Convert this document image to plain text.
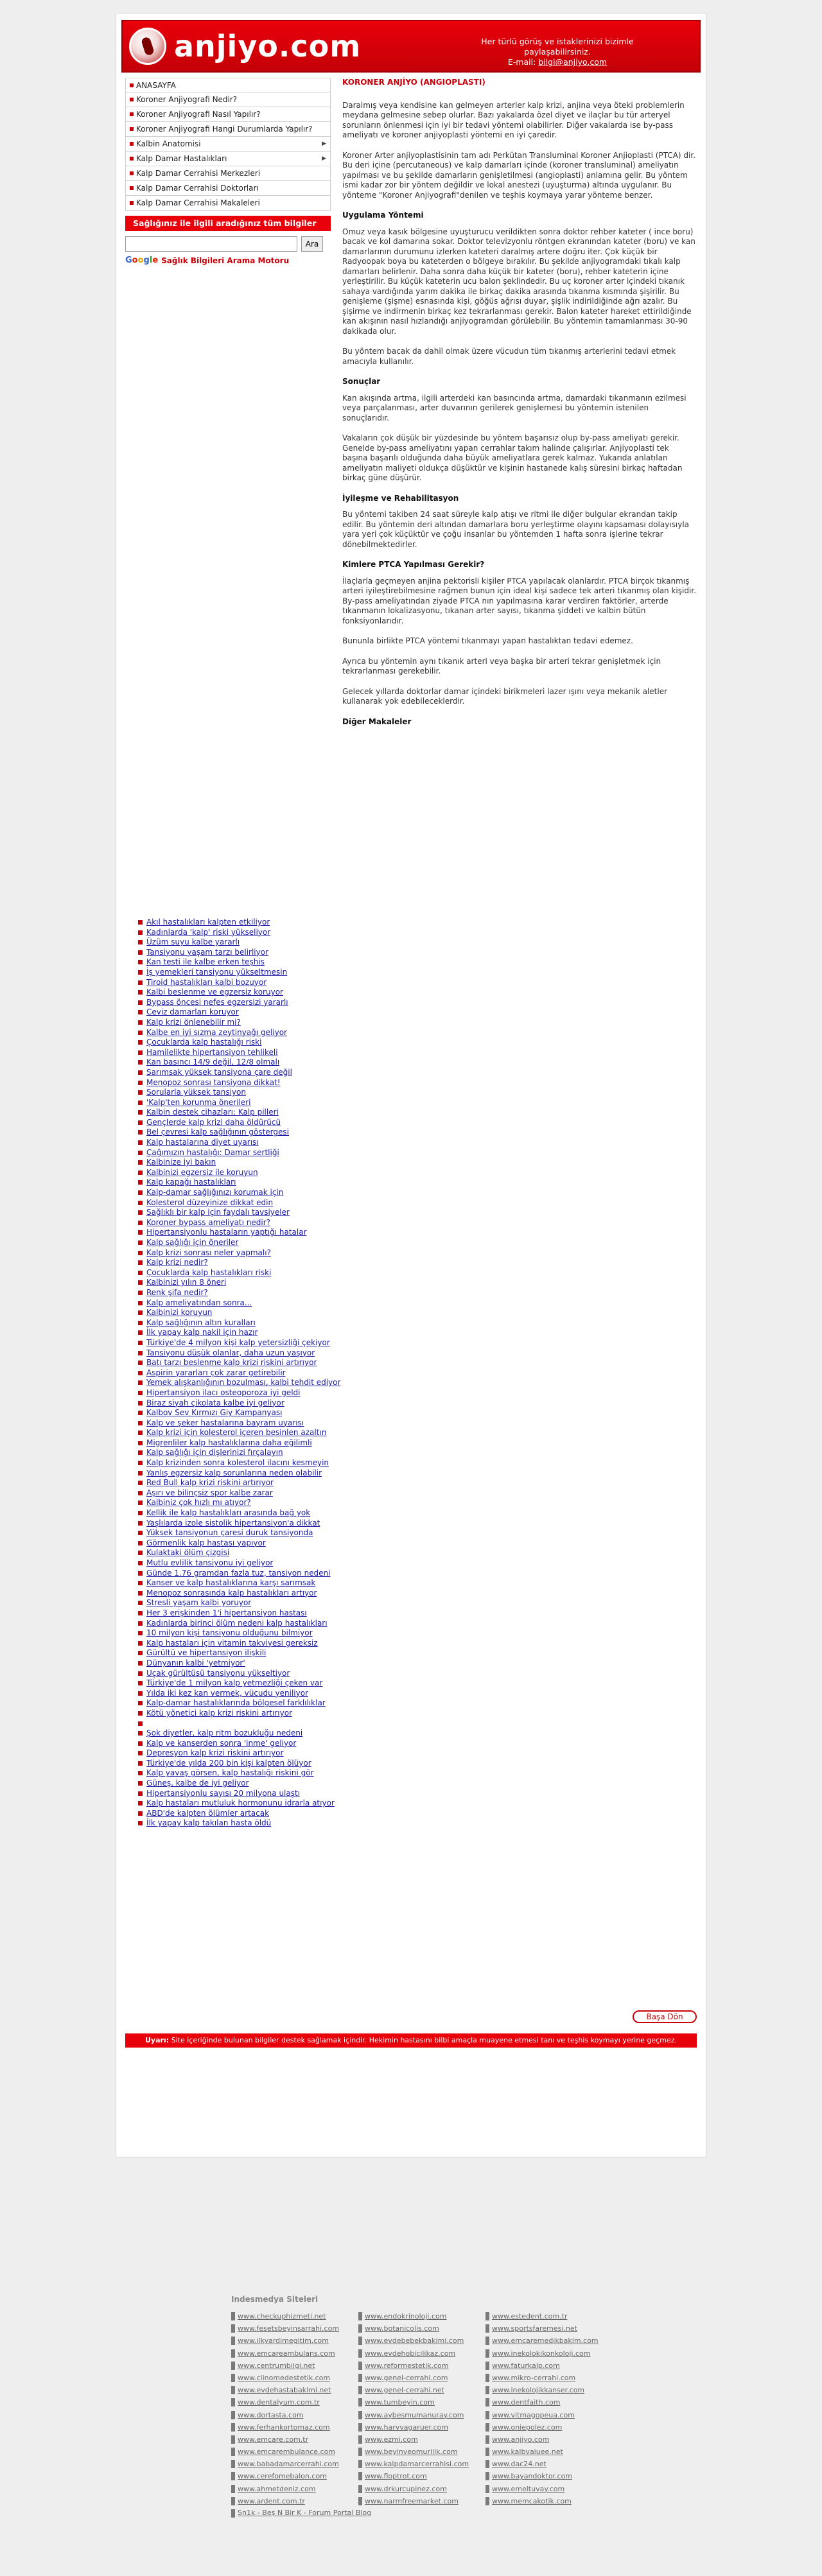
anjiyo.com	Her türlü görüş ve istaklerinizi bizimle paylaşabilirsiniz.
E-mail: bilgi@anjiyo.com
ANASAYFA
Koroner Anjiyografi Nedir?
Koroner Anjiyografi Nasıl Yapılır?
Koroner Anjiyografi Hangi Durumlarda Yapılır?
Kalbin Anatomisi	▶
Kalp Damar Hastalıkları	▶
Kalp Damar Cerrahisi Merkezleri
Kalp Damar Cerrahisi Doktorları
Kalp Damar Cerrahisi Makaleleri
Sağlığınız ile ilgili aradığınız tüm bilgiler
Ara
Google Sağlık Bilgileri Arama Motoru
KORONER ANJİYO (ANGIOPLASTI)

Daralmış veya kendisine kan gelmeyen arterler kalp krizi, anjina veya öteki problemlerin meydana gelmesine sebep olurlar. Bazı yakalarda özel diyet ve ilaçlar bu tür arteryel sorunların önlenmesi için iyi bir tedavi yöntemi olabilirler. Diğer vakalarda ise by-pass ameliyatı ve koroner anjiyoplasti yöntemi en iyi çaredir.

Koroner Arter anjiyoplastisinin tam adı Perkütan Transluminal Koroner Anjioplasti (PTCA) dir. Bu deri içine (percutaneous) ve kalp damarları içinde (koroner transluminal) ameliyatın yapılması ve bu şekilde damarların genişletilmesi (angioplasti) anlamına gelir. Bu yöntem ismi kadar zor bir yöntem değildir ve lokal anestezi (uyuşturma) altında uygulanır. Bu yönteme "Koroner Anjiyografi"denilen ve teşhis koymaya yarar yönteme benzer.

Uygulama Yöntemi

Omuz veya kasık bölgesine uyuşturucu verildikten sonra doktor rehber kateter ( ince boru) bacak ve kol damarına sokar. Doktor televizyonlu röntgen ekranından kateter (boru) ve kan damarlarının durumunu izlerken kateteri daralmış artere doğru iter. Çok küçük bir Radyoopak boya bu kateterden o bölgeye bırakılır. Bu şekilde anjiyogramdaki tıkalı kalp damarları belirlenir. Daha sonra daha küçük bir kateter (boru), rehber kateterin içine yerleştirilir. Bu küçük kateterin ucu balon şeklindedir. Bu uç koroner arter içindeki tıkanık sahaya vardığında yarım dakika ile birkaç dakika arasında tıkanma kısmında şişirilir. Bu genişleme (şişme) esnasında kişi, göğüs ağrısı duyar, şişlik indirildiğinde ağrı azalır. Bu şişirme ve indirmenin birkaç kez tekrarlanması gerekir. Balon kateter hareket ettirildiğinde kan akışının nasıl hızlandığı anjiyogramdan görülebilir. Bu yöntemin tamamlanması 30-90 dakikada olur.

Bu yöntem bacak da dahil olmak üzere vücudun tüm tıkanmış arterlerini tedavi etmek amacıyla kullanılır.

Sonuçlar

Kan akışında artma, ilgili arterdeki kan basıncında artma, damardaki tıkanmanın ezilmesi veya parçalanması, arter duvarının gerilerek genişlemesi bu yöntemin istenilen sonuçlarıdır.

Vakaların çok düşük bir yüzdesinde bu yöntem başarısız olup by-pass ameliyatı gerekir. Genelde by-pass ameliyatını yapan cerrahlar takım halinde çalışırlar. Anjiyoplasti tek başına başarılı olduğunda daha büyük ameliyatlara gerek kalmaz. Yukarıda anlatılan ameliyatın maliyeti oldukça düşüktür ve kişinin hastanede kalış süresini birkaç haftadan birkaç güne düşürür.

İyileşme ve Rehabilitasyon

Bu yöntemi takiben 24 saat süreyle kalp atışı ve ritmi ile diğer bulgular ekrandan takip edilir. Bu yöntemin deri altından damarlara boru yerleştirme olayını kapsaması dolayısıyla yara yeri çok küçüktür ve çoğu insanlar bu yöntemden 1 hafta sonra işlerine tekrar dönebilmektedirler.

Kimlere PTCA Yapılması Gerekir?

İlaçlarla geçmeyen anjina pektorisli kişiler PTCA yapılacak olanlardır. PTCA birçok tıkanmış arteri iyileştirebilmesine rağmen bunun için ideal kişi sadece tek arteri tıkanmış olan kişidir. By-pass ameliyatından ziyade PTCA nın yapılmasına karar verdiren faktörler, arterde tıkanmanın lokalizasyonu, tıkanan arter sayısı, tıkanma şiddeti ve kalbin bütün fonksiyonlarıdır.

Bununla birlikte PTCA yöntemi tıkanmayı yapan hastalıktan tedavi edemez.

Ayrıca bu yöntemin aynı tıkanık arteri veya başka bir arteri tekrar genişletmek için tekrarlanması gerekebilir.

Gelecek yıllarda doktorlar damar içindeki birikmeleri lazer ışını veya mekanik aletler kullanarak yok edebileceklerdir.

Diğer Makaleler
Akıl hastalıkları kalpten etkiliyor
Kadınlarda 'kalp' riski yükseliyor
Üzüm suyu kalbe yararlı
Tansiyonu yaşam tarzı belirliyor
Kan testi ile kalbe erken teşhis
İş yemekleri tansiyonu yükseltmesin
Tiroid hastalıkları kalbi bozuyor
Kalbi beslenme ve egzersiz koruyor
Bypass öncesi nefes egzersizi yararlı
Ceviz damarları koruyor
Kalp krizi önlenebilir mi?
Kalbe en iyi sızma zeytinyağı geliyor
Çocuklarda kalp hastalığı riski
Hamilelikte hipertansiyon tehlikeli
Kan basıncı 14/9 değil, 12/8 olmalı
Sarımsak yüksek tansiyona çare değil
Menopoz sonrası tansiyona dikkat!
Sorularla yüksek tansiyon
'Kalp'ten korunma önerileri
Kalbin destek cihazları: Kalp pilleri
Gençlerde kalp krizi daha öldürücü
Bel çevresi kalp sağlığının göstergesi
Kalp hastalarına diyet uyarısı
Çağımızın hastalığı: Damar sertliği
Kalbinize iyi bakın
Kalbinizi egzersiz ile koruyun
Kalp kapağı hastalıkları
Kalp-damar sağlığınızı korumak için
Kolesterol düzeyinize dikkat edin
Sağlıklı bir kalp için faydalı tavsiyeler
Koroner bypass ameliyatı nedir?
Hipertansiyonlu hastaların yaptığı hatalar
Kalp sağlığı için öneriler
Kalp krizi sonrası neler yapmalı?
Kalp krizi nedir?
Çocuklarda kalp hastalıkları riski
Kalbinizi yılın 8 öneri
Renk şifa nedir?
Kalp ameliyatından sonra...
Kalbinizi koruyun
Kalp sağlığının altın kuralları
İlk yapay kalp nakil için hazır
Türkiye'de 4 milyon kişi kalp yetersizliği çekiyor
Tansiyonu düşük olanlar, daha uzun yaşıyor
Batı tarzı beslenme kalp krizi riskini artırıyor
Aspirin yararları çok zarar getirebilir
Yemek alışkanlığının bozulması, kalbi tehdit ediyor
Hipertansiyon ilacı osteoporoza iyi geldi
Biraz siyah çikolata kalbe iyi geliyor
Kalbov Sev Kırmızı Giy Kampanyası
Kalp ve şeker hastalarına bayram uyarısı
Kalp krizi için kolesterol içeren besinlen azaltın
Migrenliler kalp hastalıklarına daha eğilimli
Kalp sağlığı için dişlerinizi fırçalayın
Kalp krizinden sonra kolesterol ilacını kesmeyin
Yanlış egzersiz kalp sorunlarına neden olabilir
Red Bull kalp krizi riskini artırıyor
Aşırı ve bilinçsiz spor kalbe zarar
Kalbiniz çok hızlı mı atıyor?
Kellik ile kalp hastalıkları arasında bağ yok
Yaşlılarda izole sistolik hipertansiyon'a dikkat
Yüksek tansiyonun çaresi duruk tansiyonda
Görmenlik kalp hastası yapıyor
Kulaktaki ölüm çizgisi
Mutlu evlilik tansiyonu iyi geliyor
Günde 1.76 gramdan fazla tuz, tansiyon nedeni
Kanser ve kalp hastalıklarına karşı sarımsak
Menopoz sonrasında kalp hastalıkları artıyor
Stresli yaşam kalbi yoruyor
Her 3 erişkinden 1'i hipertansiyon hastası
Kadınlarda birinci ölüm nedeni kalp hastalıkları
10 milyon kişi tansiyonu olduğunu bilmiyor
Kalp hastaları için vitamin takviyesi gereksiz
Gürültü ve hipertansiyon ilişkili
Dünyanın kalbi 'yetmiyor'
Uçak gürültüsü tansiyonu yükseltiyor
Türkiye'de 1 milyon kalp yetmezliği çeken var
Yılda iki kez kan vermek, vücudu yeniliyor
Kalp-damar hastalıklarında bölgesel farklılıklar
Kötü yönetici kalp krizi riskini artırıyor
Şok diyetler, kalp ritm bozukluğu nedeni
Kalp ve kanserden sonra 'inme' geliyor
Depresyon kalp krizi riskini artırıyor
Türkiye'de yılda 200 bin kişi kalpten ölüyor
Kalp yavaş görsen, kalp hastalığı riskini gör
Güneş, kalbe de iyi geliyor
Hipertansiyonlu sayısı 20 milyona ulaştı
Kalp hastaları mutluluk hormonunu idrarla atıyor
ABD'de kalpten ölümler artacak
İlk yapay kalp takılan hasta öldü
Başa Dön
Uyarı: Site içeriğinde bulunan bilgiler destek sağlamak içindir. Hekimin hastasını bilbi amaçla muayene etmesi tanı ve teşhis koymayı yerine geçmez.
Indesmedya Siteleri
www.checkuphizmeti.net	www.endokrinoloji.com	www.estedent.com.tr
www.fesetsbeyinsarrahi.com	www.botanicolis.com	www.sportsfaremesi.net
www.ilkyardimegitim.com	www.evdebebekbakimi.com	www.emcaremedikbakim.com
www.emcareambulans.com	www.evdehobicilikaz.com	www.inekolokikonkoloji.com
www.centrumbilgi.net	www.reformestetik.com	www.faturkalp.com
www.clinomedestetik.com	www.genel-cerrahi.com	www.mikro-cerrahi.com
www.evdehastabakimi.net	www.genel-cerrahi.net	www.inekolojikkanser.com
www.dentalyum.com.tr	www.tumbeyin.com	www.dentfaith.com
www.dortasta.com	www.aybesmumanuray.com	www.vitmagopeua.com
www.ferhankortomaz.com	www.harvvagaruer.com	www.oniepolez.com
www.emcare.com.tr	www.ezmi.com	www.anjiyo.com
www.emcarembulance.com	www.beyinveomurilik.com	www.kalbvaiuee.net
www.babadamarcerrahi.com	www.kalpdamarcerrahisi.com	www.dac24.net
www.cerefomebalon.com	www.floptrot.com	www.bayandoktor.com
www.ahmetdeniz.com	www.drkurcupinez.com	www.emeltuvay.com
www.ardent.com.tr	www.narmfreemarket.com	www.memcakotik.com
Sn1k - Beş N Bir K - Forum Portal Blog
